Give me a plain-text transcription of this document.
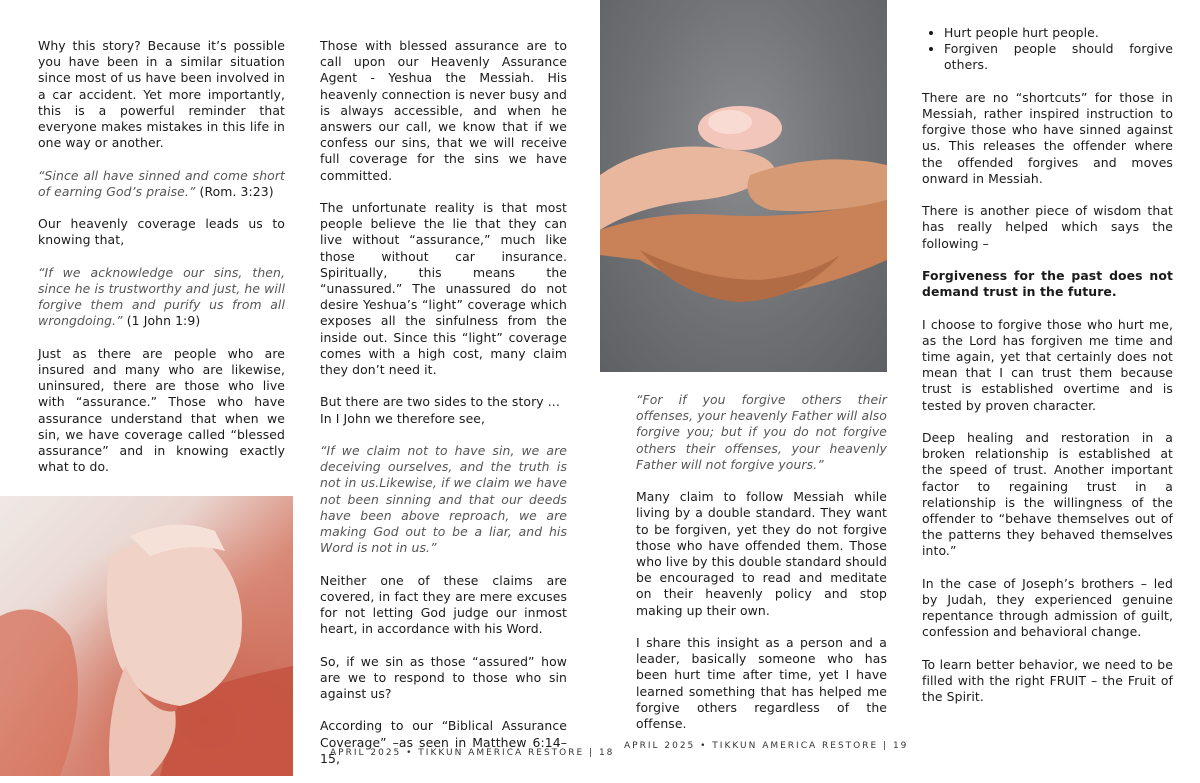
Why this story? Because it’s possible you have been in a similar situation since most of us have been involved in a car accident. Yet more importantly, this is a powerful reminder that everyone makes mistakes in this life in one way or another.

“Since all have sinned and come short of earning God’s praise.” (Rom. 3:23)

Our heavenly coverage leads us to knowing that,

“If we acknowledge our sins, then, since he is trustworthy and just, he will forgive them and purify us from all wrongdoing.” (1 John 1:9)

Just as there are people who are insured and many who are likewise, uninsured, there are those who live with “assurance.” Those who have assurance understand that when we sin, we have coverage called “blessed assurance” and in knowing exactly what to do.

Those with blessed assurance are to call upon our Heavenly Assurance Agent - Yeshua the Messiah. His heavenly connection is never busy and is always accessible, and when he answers our call, we know that if we confess our sins, that we will receive full coverage for the sins we have committed.

The unfortunate reality is that most people believe the lie that they can live without “assurance,” much like those without car insurance. Spiritually, this means the “unassured.” The unassured do not desire Yeshua’s “light” coverage which exposes all the sinfulness from the inside out. Since this “light” coverage comes with a high cost, many claim they don’t need it.

But there are two sides to the story ...
In I John we therefore see,

“If we claim not to have sin, we are deceiving ourselves, and the truth is not in us.Likewise, if we claim we have not been sinning and that our deeds have been above reproach, we are making God out to be a liar, and his Word is not in us.”

Neither one of these claims are covered, in fact they are mere excuses for not letting God judge our inmost heart, in accordance with his Word.

So, if we sin as those “assured” how are we to respond to those who sin against us?

According to our “Biblical Assurance Coverage” –as seen in Matthew 6:14–15,

APRIL 2025 • TIKKUN AMERICA RESTORE | 18

“For if you forgive others their offenses, your heavenly Father will also forgive you; but if you do not forgive others their offenses, your heavenly Father will not forgive yours.”

Many claim to follow Messiah while living by a double standard. They want to be forgiven, yet they do not forgive those who have offended them. Those who live by this double standard should be encouraged to read and meditate on their heavenly policy and stop making up their own.

I share this insight as a person and a leader, basically someone who has been hurt time after time, yet I have learned something that has helped me forgive others regardless of the offense.

APRIL 2025 • TIKKUN AMERICA RESTORE | 19
• Hurt people hurt people.
• Forgiven people should forgive others.

There are no “shortcuts” for those in Messiah, rather inspired instruction to forgive those who have sinned against us. This releases the offender where the offended forgives and moves onward in Messiah.

There is another piece of wisdom that has really helped which says the following –

Forgiveness for the past does not demand trust in the future.

I choose to forgive those who hurt me, as the Lord has forgiven me time and time again, yet that certainly does not mean that I can trust them because trust is established overtime and is tested by proven character.

Deep healing and restoration in a broken relationship is established at the speed of trust. Another important factor to regaining trust in a relationship is the willingness of the offender to “behave themselves out of the patterns they behaved themselves into.”

In the case of Joseph’s brothers – led by Judah, they experienced genuine repentance through admission of guilt, confession and behavioral change.

To learn better behavior, we need to be filled with the right FRUIT – the Fruit of the Spirit.
